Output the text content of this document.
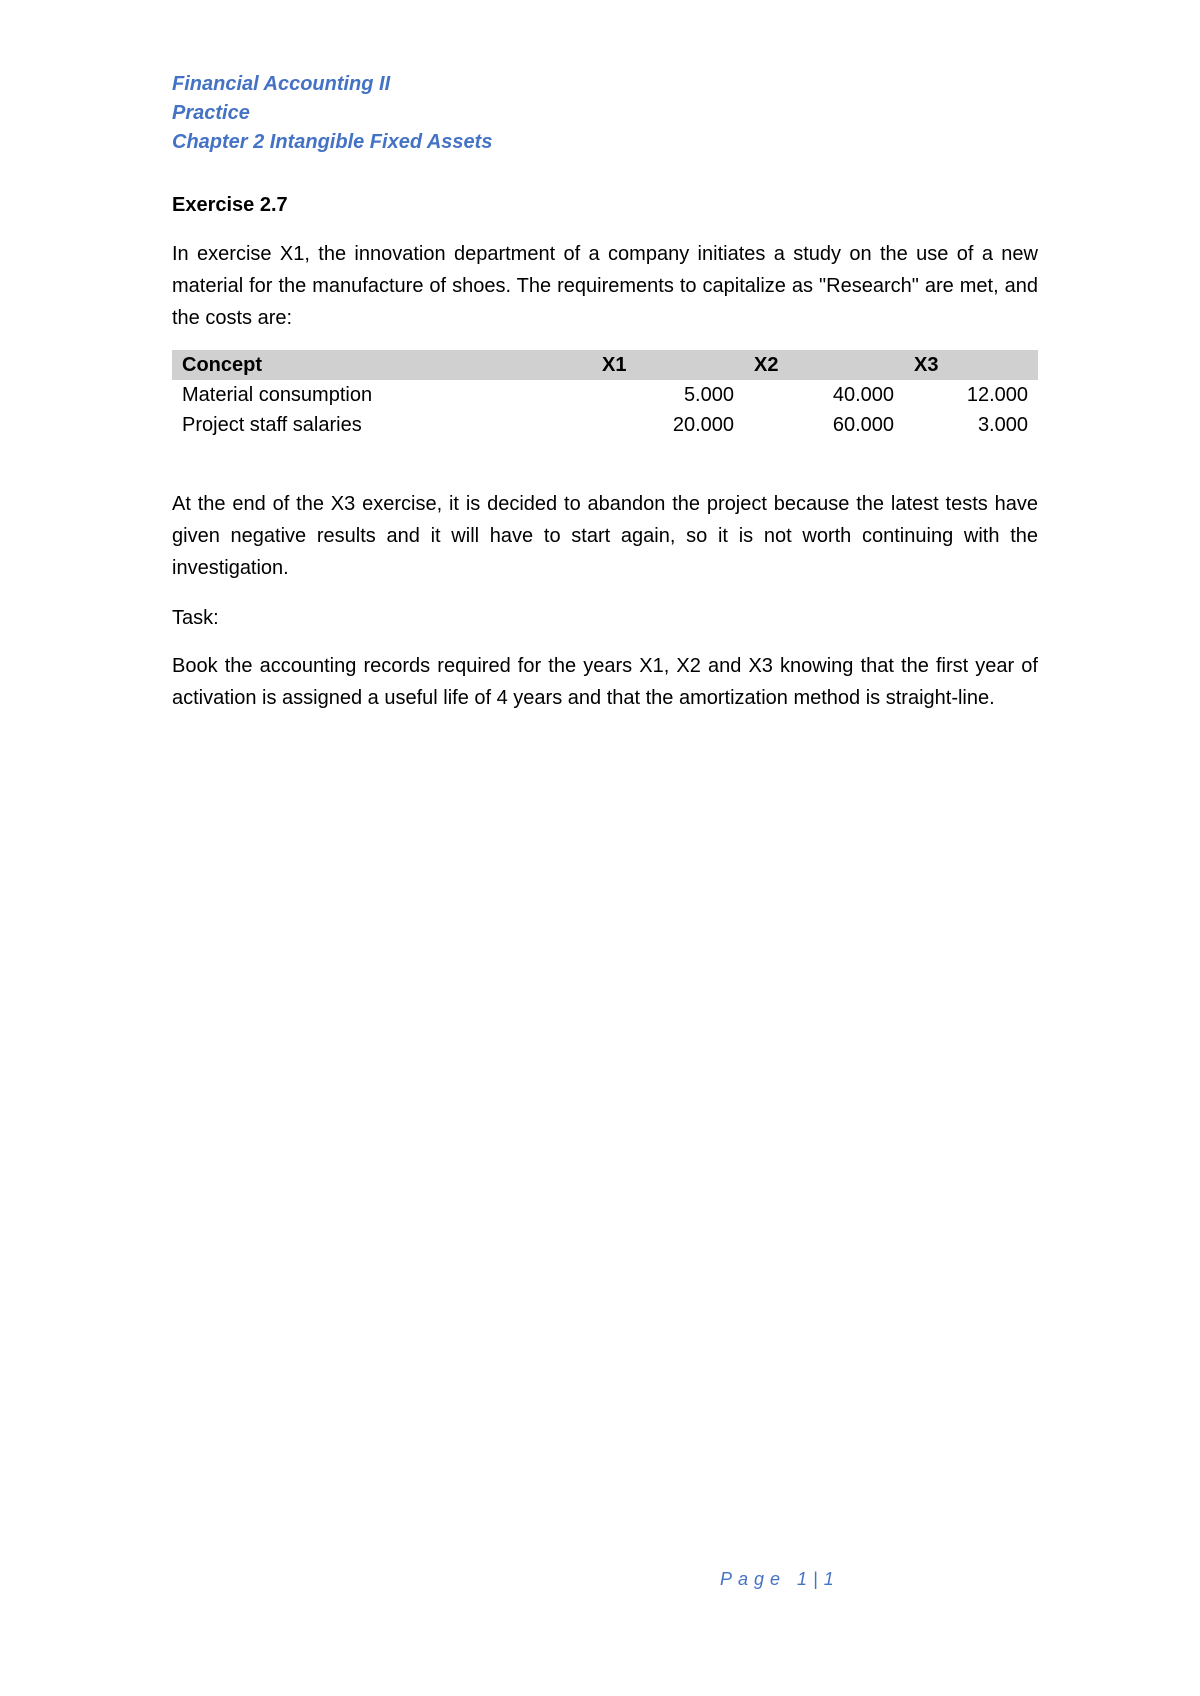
Financial Accounting II
Practice
Chapter 2 Intangible Fixed Assets
Exercise 2.7

In exercise X1, the innovation department of a company initiates a study on the use of a new material for the manufacture of shoes. The requirements to capitalize as "Research" are met, and the costs are:

Concept	X1	X2	X3
Material consumption	5.000	40.000	12.000
Project staff salaries	20.000	60.000	3.000

At the end of the X3 exercise, it is decided to abandon the project because the latest tests have given negative results and it will have to start again, so it is not worth continuing with the investigation.

Task:

Book the accounting records required for the years X1, X2 and X3 knowing that the first year of activation is assigned a useful life of 4 years and that the amortization method is straight-line.

Page 1|1
